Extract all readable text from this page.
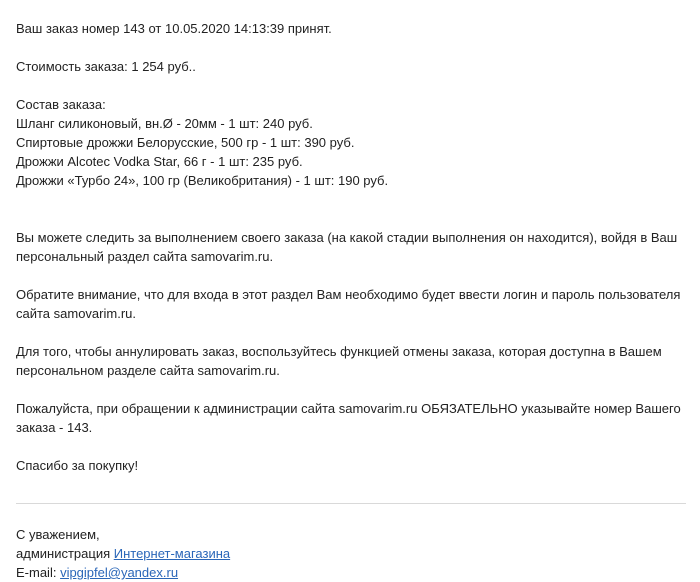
Ваш заказ номер 143 от 10.05.2020 14:13:39 принят.

Стоимость заказа: 1 254 руб..

Состав заказа:

Шланг силиконовый, вн.Ø - 20мм - 1 шт: 240 руб.

Спиртовые дрожжи Белорусские, 500 гр - 1 шт: 390 руб.

Дрожжи Alcotec Vodka Star, 66 г - 1 шт: 235 руб.

Дрожжи «Турбо 24», 100 гр (Великобритания) - 1 шт: 190 руб.

Вы можете следить за выполнением своего заказа (на какой стадии выполнения он находится), войдя в Ваш персональный раздел сайта samovarim.ru.

Обратите внимание, что для входа в этот раздел Вам необходимо будет ввести логин и пароль пользователя сайта samovarim.ru.

Для того, чтобы аннулировать заказ, воспользуйтесь функцией отмены заказа, которая доступна в Вашем персональном разделе сайта samovarim.ru.

Пожалуйста, при обращении к администрации сайта samovarim.ru ОБЯЗАТЕЛЬНО указывайте номер Вашего заказа - 143.

Спасибо за покупку!

С уважением,

администрация Интернет-магазина

E-mail: vipgipfel@yandex.ru
